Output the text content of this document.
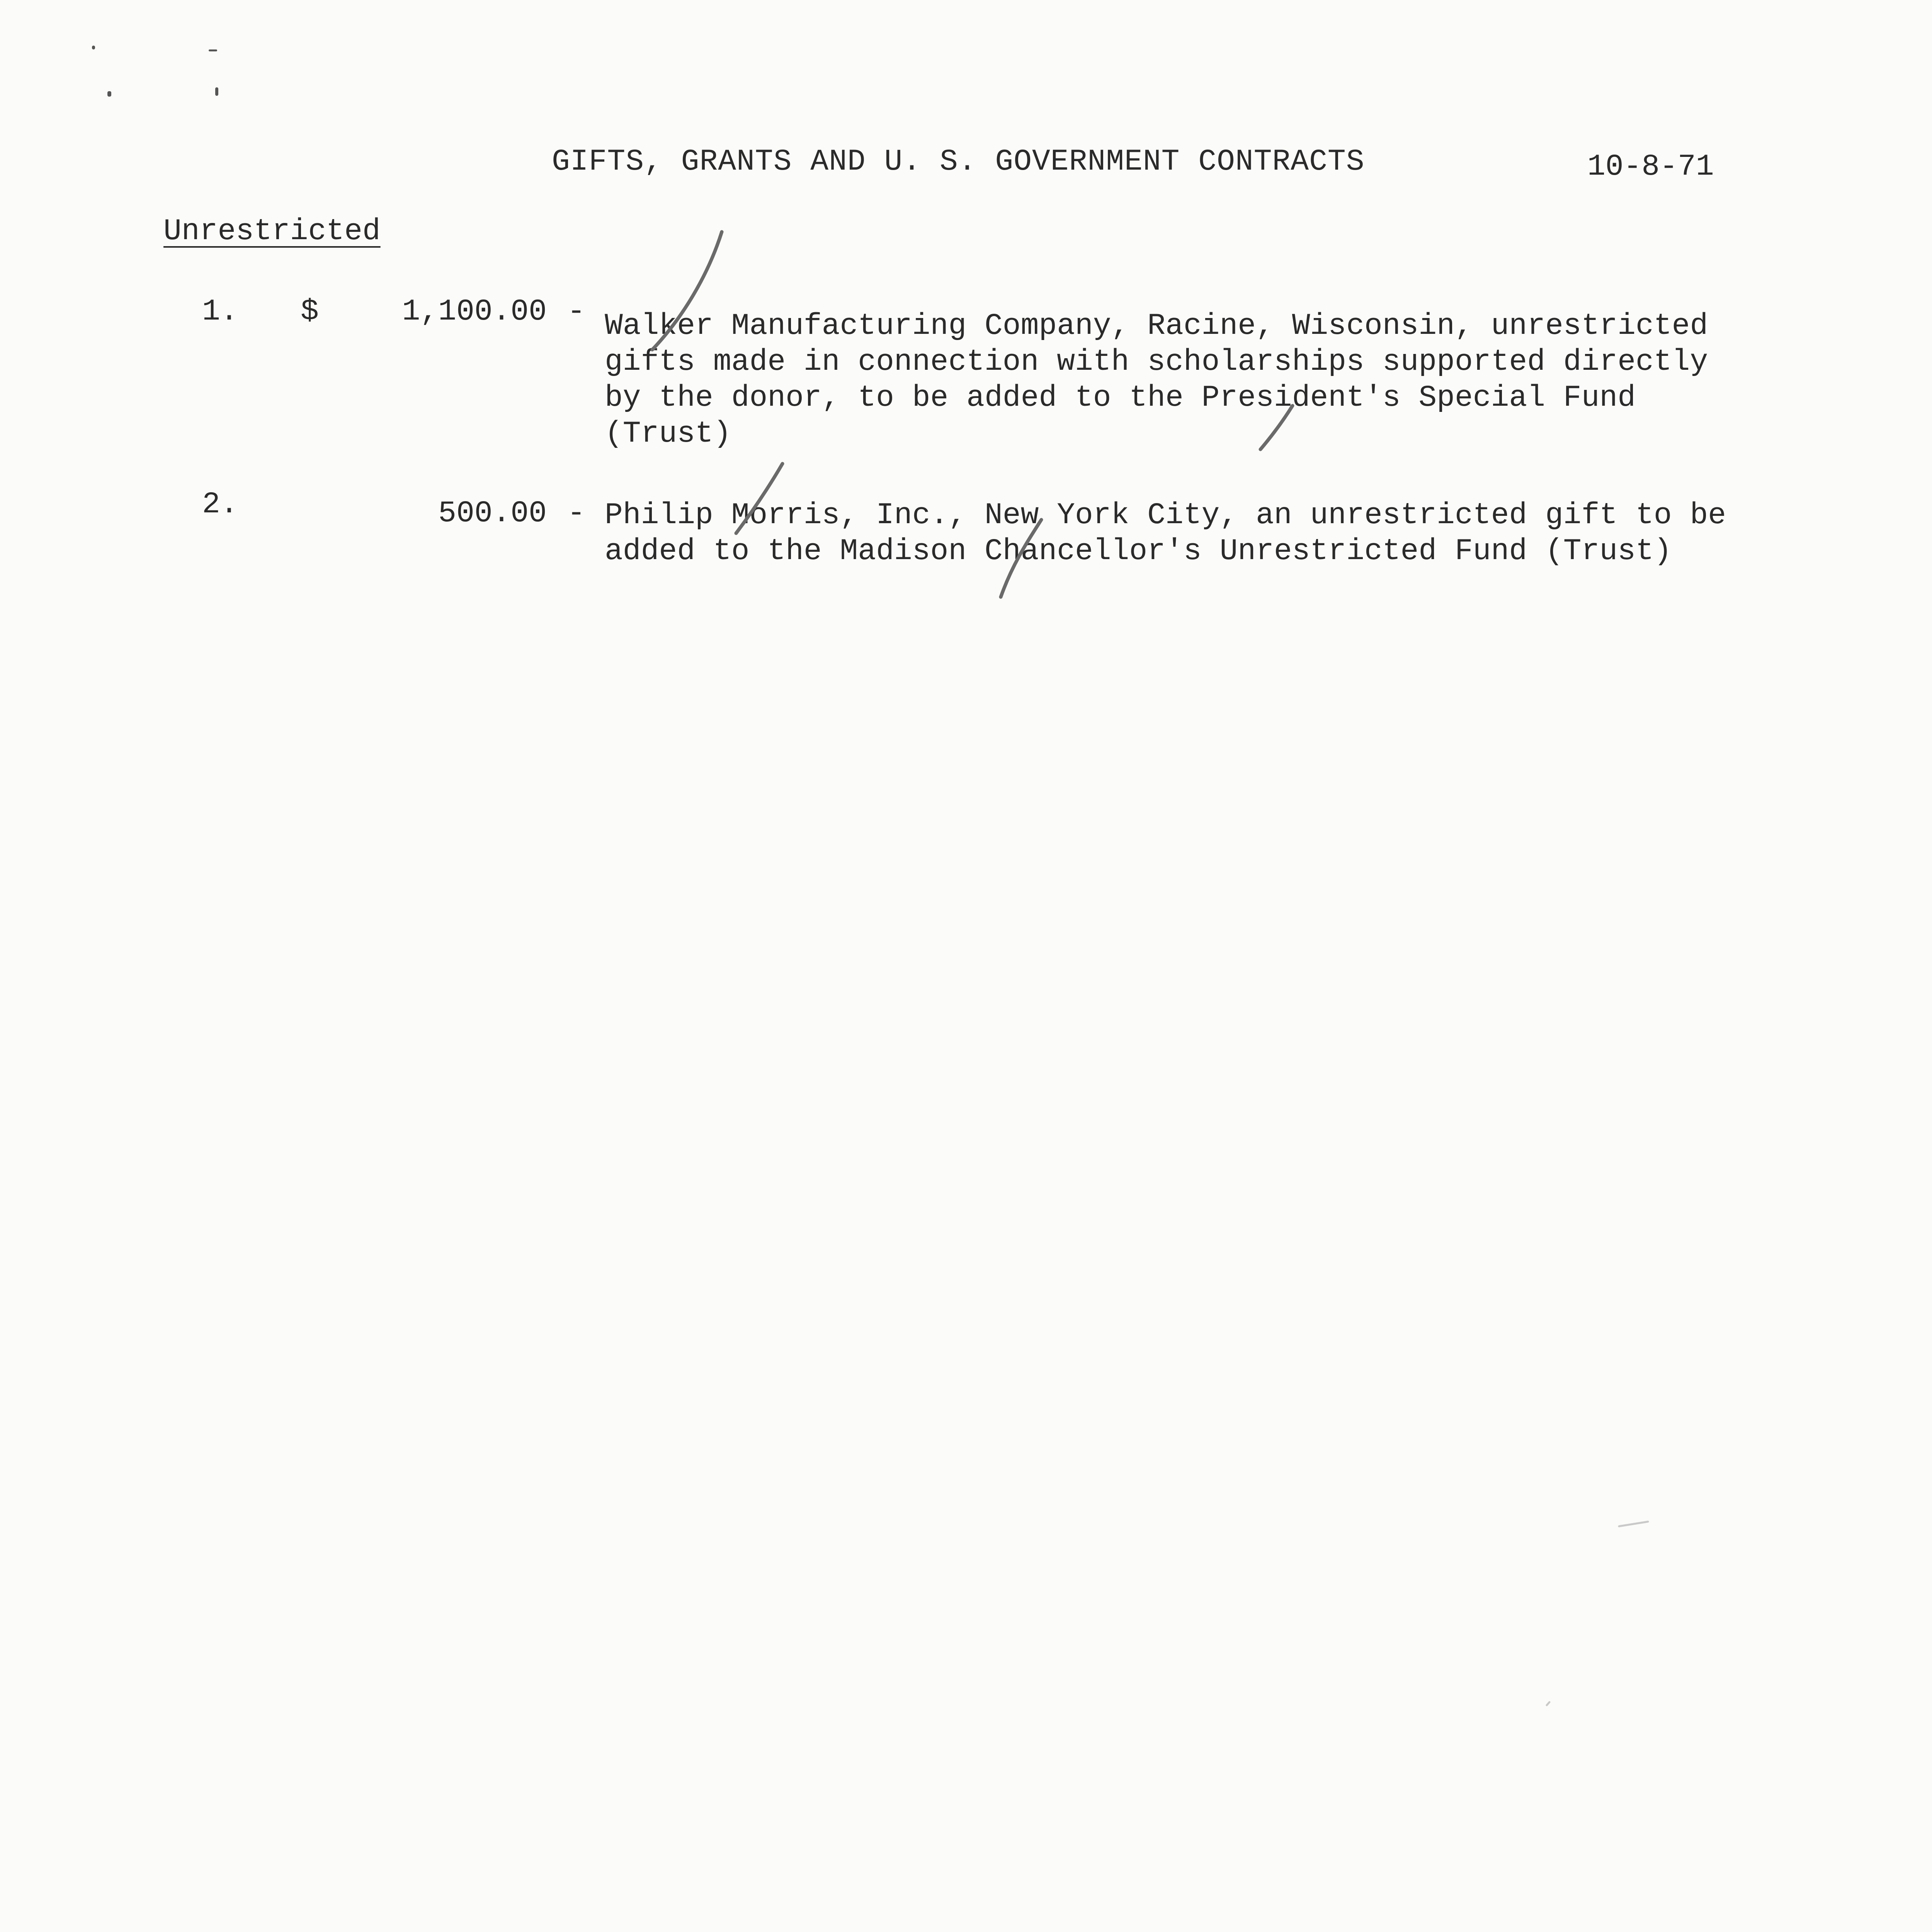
GIFTS, GRANTS AND U. S. GOVERNMENT CONTRACTS	10-8-71
Unrestricted
1. $	1,100.00 - Walker Manufacturing Company, Racine, Wisconsin, unrestricted
gifts made in connection with scholarships supported directly
by the donor, to be added to the President's Special Fund
(Trust)
2.	500.00 - Philip Morris, Inc., New York City, an unrestricted gift to be
added to the Madison Chancellor's Unrestricted Fund (Trust)
